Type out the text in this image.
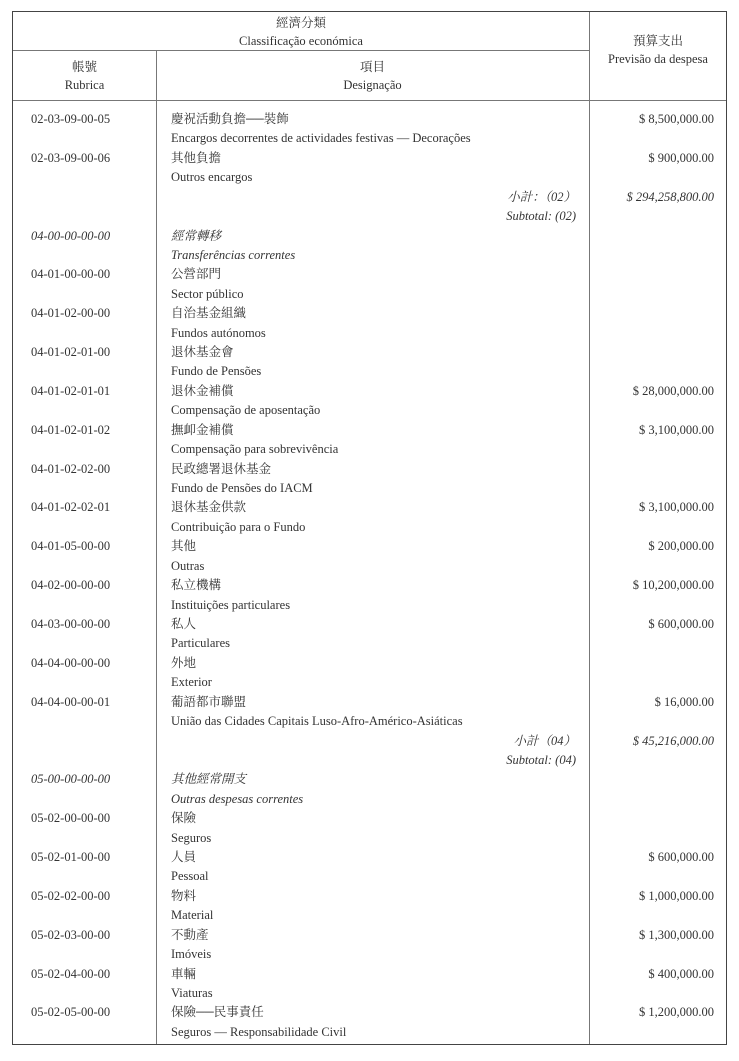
經濟分類
Classificação económica
帳號
Rubrica
項目
Designação
預算支出
Previsão da despesa
02-03-09-00-05	慶祝活動負擔──裝飾	$ 8,500,000.00
Encargos decorrentes de actividades festivas — Decorações
02-03-09-00-06	其他負擔	$ 900,000.00
Outros encargos
小計：（02）	$ 294,258,800.00
Subtotal: (02)
04-00-00-00-00	經常轉移
Transferências correntes
04-01-00-00-00	公營部門
Sector público
04-01-02-00-00	自治基金組織
Fundos autónomos
04-01-02-01-00	退休基金會
Fundo de Pensões
04-01-02-01-01	退休金補償	$ 28,000,000.00
Compensação de aposentação
04-01-02-01-02	撫卹金補償	$ 3,100,000.00
Compensação para sobrevivência
04-01-02-02-00	民政總署退休基金
Fundo de Pensões do IACM
04-01-02-02-01	退休基金供款	$ 3,100,000.00
Contribuição para o Fundo
04-01-05-00-00	其他	$ 200,000.00
Outras
04-02-00-00-00	私立機構	$ 10,200,000.00
Instituições particulares
04-03-00-00-00	私人	$ 600,000.00
Particulares
04-04-00-00-00	外地
Exterior
04-04-00-00-01	葡語都市聯盟	$ 16,000.00
União das Cidades Capitais Luso-Afro-Américo-Asiáticas
小計（04）	$ 45,216,000.00
Subtotal: (04)
05-00-00-00-00	其他經常開支
Outras despesas correntes
05-02-00-00-00	保險
Seguros
05-02-01-00-00	人員	$ 600,000.00
Pessoal
05-02-02-00-00	物料	$ 1,000,000.00
Material
05-02-03-00-00	不動產	$ 1,300,000.00
Imóveis
05-02-04-00-00	車輛	$ 400,000.00
Viaturas
05-02-05-00-00	保險──民事責任	$ 1,200,000.00
Seguros — Responsabilidade Civil
